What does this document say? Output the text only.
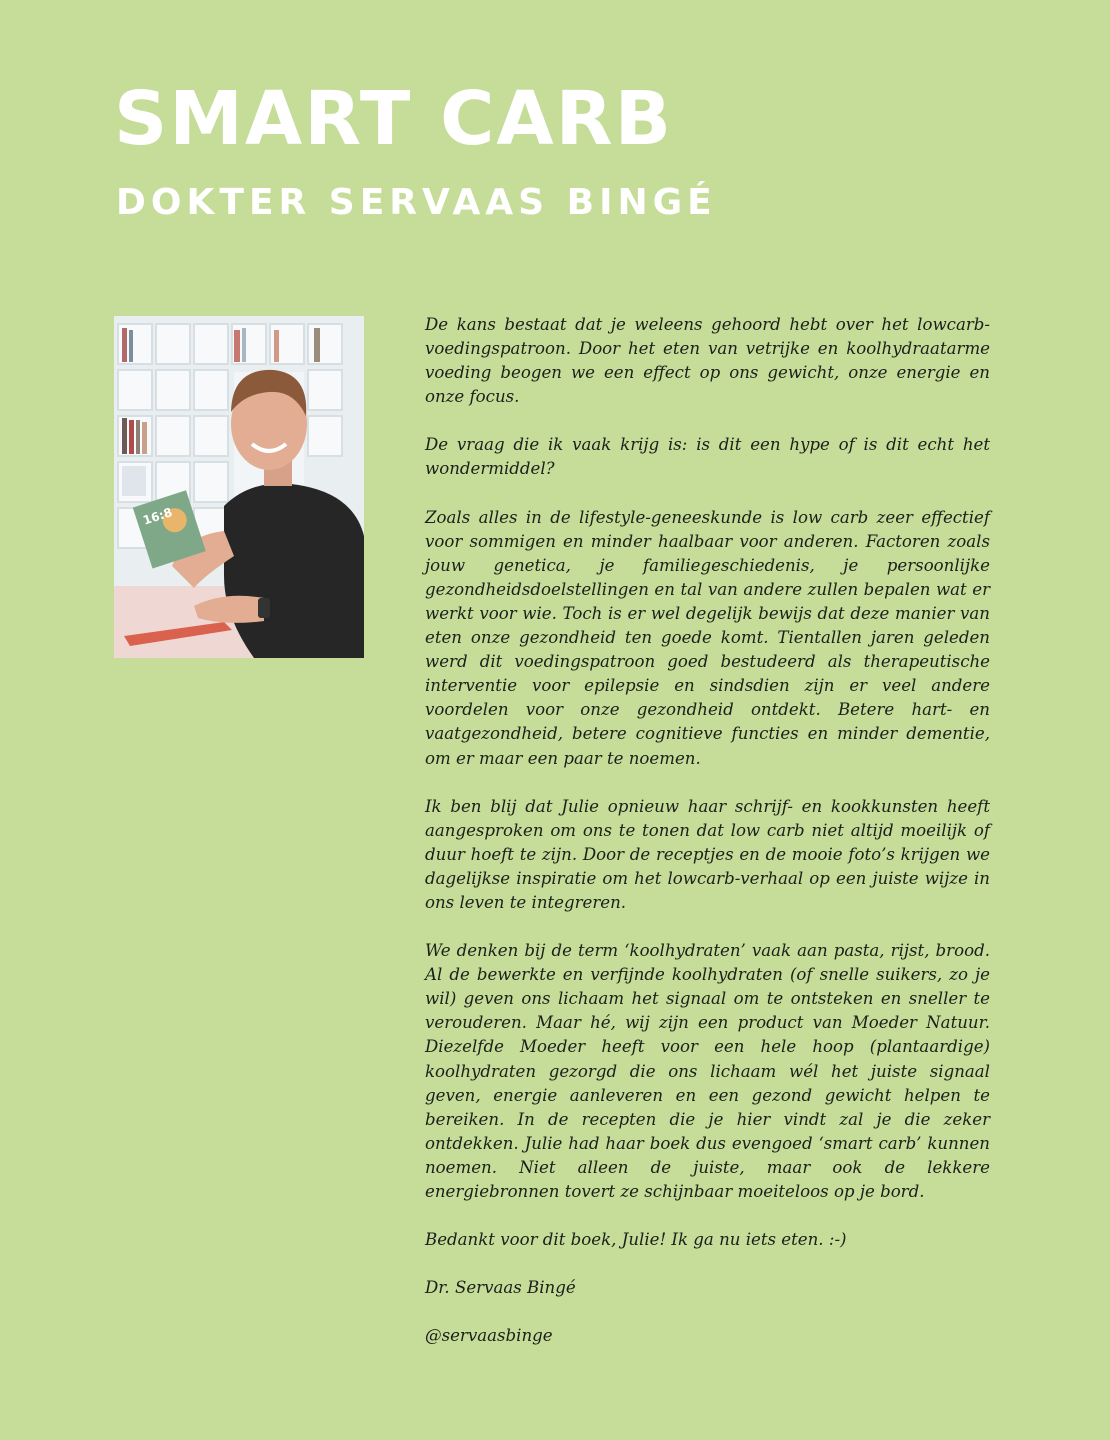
SMART CARB
DOKTER SERVAAS BINGÉ
16:8

De kans bestaat dat je weleens gehoord hebt over het lowcarb-voedingspatroon. Door het eten van vetrijke en koolhydraatarme voeding beogen we een effect op ons gewicht, onze energie en onze focus.

De vraag die ik vaak krijg is: is dit een hype of is dit echt het wondermiddel?

Zoals alles in de lifestyle-geneeskunde is low carb zeer effectief voor sommigen en minder haalbaar voor anderen. Factoren zoals jouw genetica, je familiegeschiedenis, je persoonlijke gezondheidsdoelstellingen en tal van andere zullen bepalen wat er werkt voor wie. Toch is er wel degelijk bewijs dat deze manier van eten onze gezondheid ten goede komt. Tientallen jaren geleden werd dit voedingspatroon goed bestudeerd als therapeutische interventie voor epilepsie en sindsdien zijn er veel andere voordelen voor onze gezondheid ontdekt. Betere hart- en vaatgezondheid, betere cognitieve functies en minder dementie, om er maar een paar te noemen.

Ik ben blij dat Julie opnieuw haar schrijf- en kookkunsten heeft aangesproken om ons te tonen dat low carb niet altijd moeilijk of duur hoeft te zijn. Door de receptjes en de mooie foto’s krijgen we dagelijkse inspiratie om het lowcarb-verhaal op een juiste wijze in ons leven te integreren.

We denken bij de term ‘koolhydraten’ vaak aan pasta, rijst, brood. Al de bewerkte en verfijnde koolhydraten (of snelle suikers, zo je wil) geven ons lichaam het signaal om te ontsteken en sneller te verouderen. Maar hé, wij zijn een product van Moeder Natuur. Diezelfde Moeder heeft voor een hele hoop (plantaardige) koolhydraten gezorgd die ons lichaam wél het juiste signaal geven, energie aanleveren en een gezond gewicht helpen te bereiken. In de recepten die je hier vindt zal je die zeker ontdekken. Julie had haar boek dus evengoed ‘smart carb’ kunnen noemen. Niet alleen de juiste, maar ook de lekkere energiebronnen tovert ze schijnbaar moeiteloos op je bord.

Bedankt voor dit boek, Julie! Ik ga nu iets eten. :-)

Dr. Servaas Bingé

@servaasbinge
